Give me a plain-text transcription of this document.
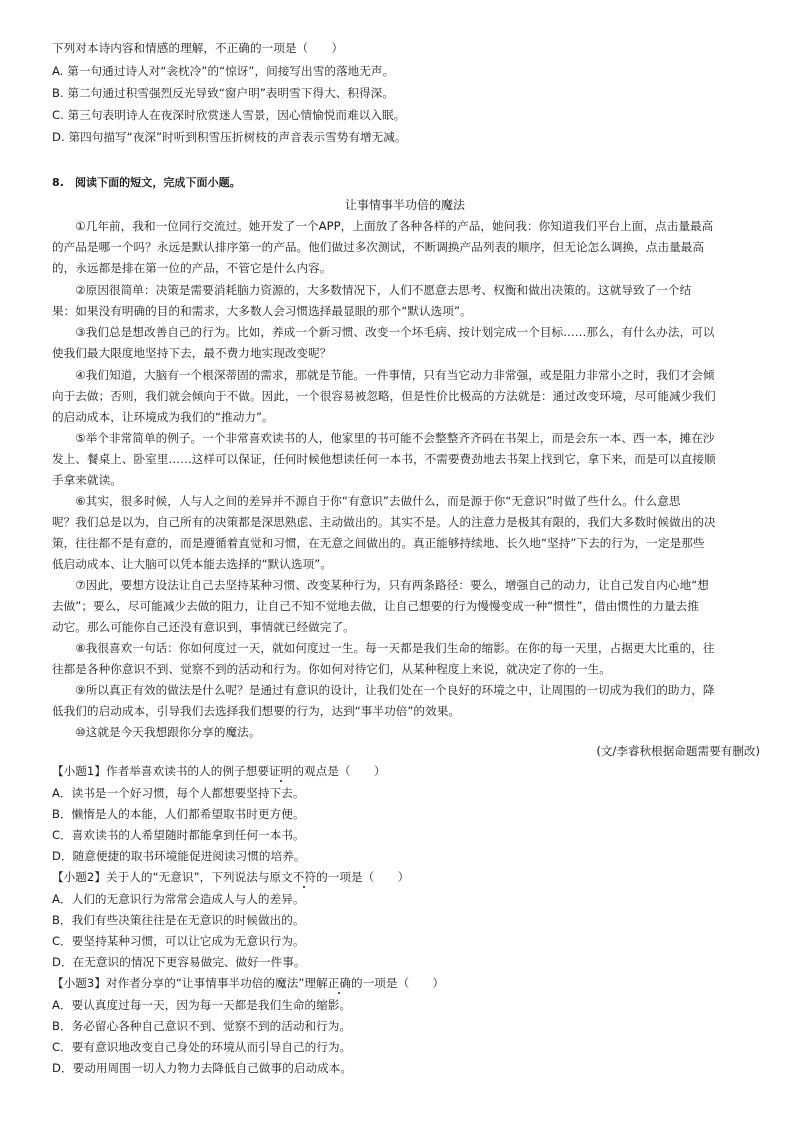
下列对本诗内容和情感的理解，不正确的一项是（　　）
A. 第一句通过诗人对“衾枕冷”的“惊讶”，间接写出雪的落地无声。
B. 第二句通过积雪强烈反光导致“窗户明”表明雪下得大、积得深。
C. 第三句表明诗人在夜深时欣赏迷人雪景，因心情愉悦而难以入眠。
D. 第四句描写“夜深”时听到积雪压折树枝的声音表示雪势有增无减。
8.　阅读下面的短文，完成下面小题。
让事情事半功倍的魔法
　　①几年前，我和一位同行交流过。她开发了一个APP，上面放了各种各样的产品，她问我：你知道我们平台上面，点击量最高
的产品是哪一个吗？永远是默认排序第一的产品。他们做过多次测试，不断调换产品列表的顺序，但无论怎么调换，点击量最高
的，永远都是排在第一位的产品，不管它是什么内容。
　　②原因很简单：决策是需要消耗脑力资源的，大多数情况下，人们不愿意去思考、权衡和做出决策的。这就导致了一个结
果：如果没有明确的目的和需求，大多数人会习惯选择最显眼的那个“默认选项”。
　　③我们总是想改善自己的行为。比如，养成一个新习惯、改变一个坏毛病、按计划完成一个目标……那么，有什么办法，可以
使我们最大限度地坚持下去，最不费力地实现改变呢？
　　④我们知道，大脑有一个根深蒂固的需求，那就是节能。一件事情，只有当它动力非常强，或是阻力非常小之时，我们才会倾
向于去做；否则，我们就会倾向于不做。因此，一个很容易被忽略，但是性价比极高的方法就是：通过改变环境，尽可能减少我们
的启动成本，让环境成为我们的“推动力”。
　　⑤举个非常简单的例子。一个非常喜欢读书的人，他家里的书可能不会整整齐齐码在书架上，而是会东一本、西一本，摊在沙
发上、餐桌上、卧室里……这样可以保证，任何时候他想读任何一本书，不需要费劲地去书架上找到它，拿下来，而是可以直接顺
手拿来就读。
　　⑥其实，很多时候，人与人之间的差异并不源自于你“有意识”去做什么，而是源于你“无意识”时做了些什么。什么意思
呢？我们总是以为，自己所有的决策都是深思熟虑、主动做出的。其实不是。人的注意力是极其有限的，我们大多数时候做出的决
策，往往都不是有意的，而是遵循着直觉和习惯，在无意之间做出的。真正能够持续地、长久地“坚持”下去的行为，一定是那些
低启动成本、让大脑可以凭本能去选择的“默认选项”。
　　⑦因此，要想方设法让自己去坚持某种习惯、改变某种行为，只有两条路径：要么，增强自己的动力，让自己发自内心地“想
去做”；要么，尽可能减少去做的阻力，让自己不知不觉地去做，让自己想要的行为慢慢变成一种“惯性”，借由惯性的力量去推
动它。那么可能你自己还没有意识到，事情就已经做完了。
　　⑧我很喜欢一句话：你如何度过一天，就如何度过一生。每一天都是我们生命的缩影。在你的每一天里，占据更大比重的，往
往都是各种你意识不到、觉察不到的活动和行为。你如何对待它们，从某种程度上来说，就决定了你的一生。
　　⑨所以真正有效的做法是什么呢？是通过有意识的设计，让我们处在一个良好的环境之中，让周围的一切成为我们的助力，降
低我们的启动成本，引导我们去选择我们想要的行为，达到“事半功倍”的效果。
　　⑩这就是今天我想跟你分享的魔法。
(文/李睿秋根据命题需要有删改)
【小题1】作者举喜欢读书的人的例子想要证明的观点是（　　）
A．读书是一个好习惯，每个人都想要坚持下去。
B．懒惰是人的本能，人们都希望取书时更方便。
C．喜欢读书的人希望随时都能拿到任何一本书。
D．随意便捷的取书环境能促进阅读习惯的培养。
【小题2】关于人的“无意识”，下列说法与原文不符的一项是（　　）
A．人们的无意识行为常常会造成人与人的差异。
B．我们有些决策往往是在无意识的时候做出的。
C．要坚持某种习惯，可以让它成为无意识行为。
D．在无意识的情况下更容易做完、做好一件事。
【小题3】对作者分享的“让事情事半功倍的魔法”理解正确的一项是（　　）
A．要认真度过每一天，因为每一天都是我们生命的缩影。
B．务必留心各种自己意识不到、觉察不到的活动和行为。
C．要有意识地改变自己身处的环境从而引导自己的行为。
D．要动用周围一切人力物力去降低自己做事的启动成本。
